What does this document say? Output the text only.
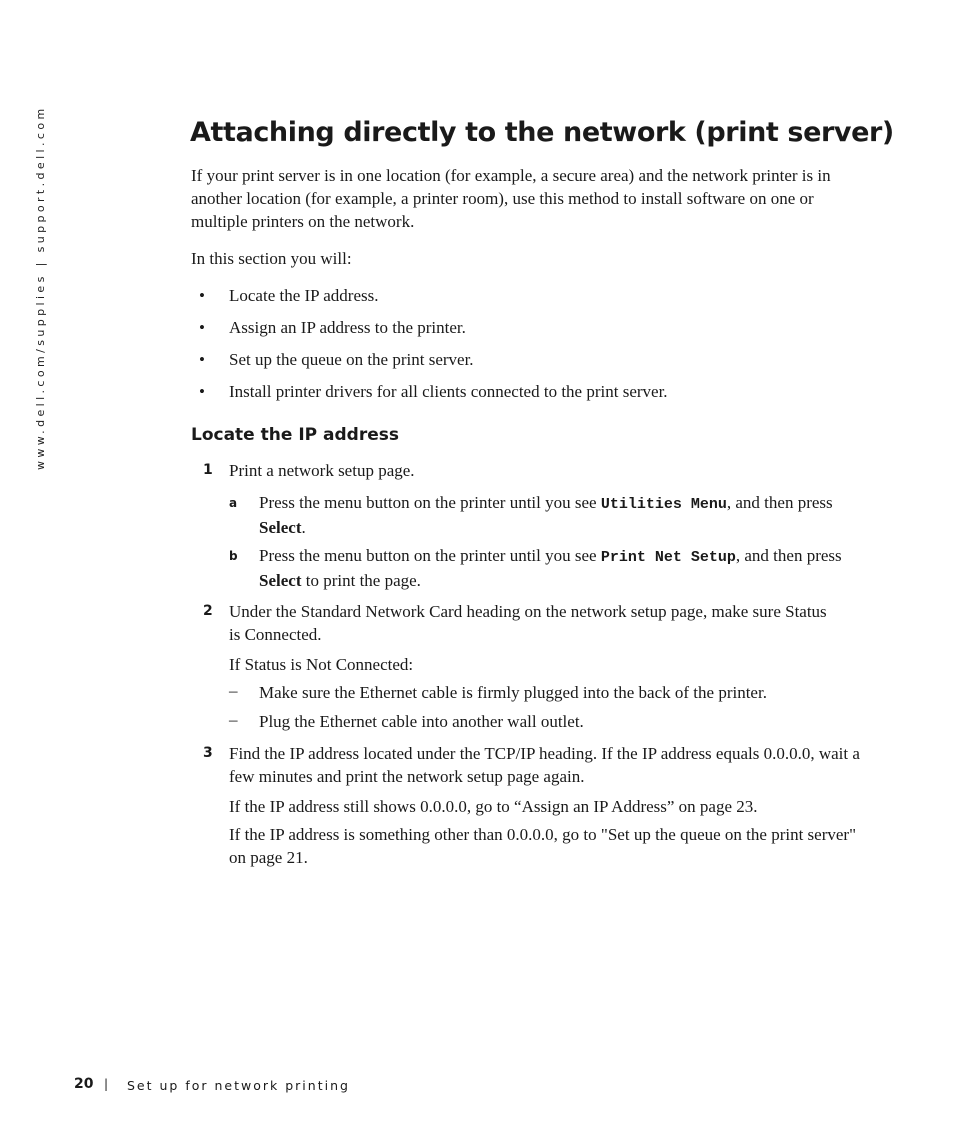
www.dell.com/supplies | support.dell.com	Attaching directly to the network (print server)
If your print server is in one location (for example, a secure area) and the network printer is in another location (for example, a printer room), use this method to install software on one or multiple printers on the network.
In this section you will:
• Locate the IP address.
• Assign an IP address to the printer.
• Set up the queue on the print server.
• Install printer drivers for all clients connected to the print server.
Locate the IP address
1 Print a network setup page.
a Press the menu button on the printer until you see Utilities Menu, and then press Select.
b Press the menu button on the printer until you see Print Net Setup, and then press Select to print the page.
2 Under the Standard Network Card heading on the network setup page, make sure Status is Connected.
If Status is Not Connected:
– Make sure the Ethernet cable is firmly plugged into the back of the printer.
– Plug the Ethernet cable into another wall outlet.
3 Find the IP address located under the TCP/IP heading. If the IP address equals 0.0.0.0, wait a few minutes and print the network setup page again.
If the IP address still shows 0.0.0.0, go to “Assign an IP Address” on page 23.
If the IP address is something other than 0.0.0.0, go to "Set up the queue on the print server" on page 21.
20 | Set up for network printing
